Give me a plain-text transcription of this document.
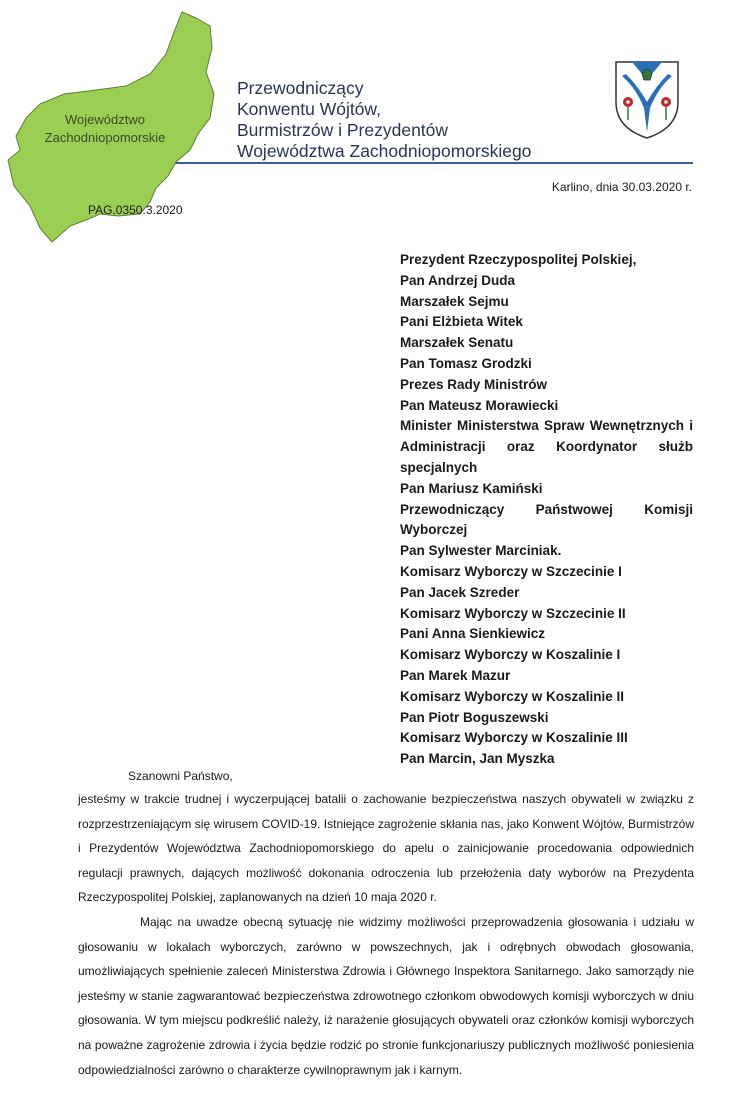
Województwo
Zachodniopomorskie
Przewodniczący
Konwentu Wójtów,
Burmistrzów i Prezydentów
Województwa Zachodniopomorskiego
Karlino, dnia 30.03.2020 r.
PAG.0350.3.2020
Prezydent Rzeczypospolitej Polskiej,
Pan Andrzej Duda
Marszałek Sejmu
Pani Elżbieta Witek
Marszałek Senatu
Pan Tomasz Grodzki
Prezes Rady Ministrów
Pan Mateusz Morawiecki
Minister Ministerstwa Spraw Wewnętrznych i Administracji oraz Koordynator służb specjalnych
Pan Mariusz Kamiński
Przewodniczący Państwowej Komisji Wyborczej
Pan Sylwester Marciniak.
Komisarz Wyborczy w Szczecinie I
Pan Jacek Szreder
Komisarz Wyborczy w Szczecinie II
Pani Anna Sienkiewicz
Komisarz Wyborczy w Koszalinie I
Pan Marek Mazur
Komisarz Wyborczy w Koszalinie II
Pan Piotr Boguszewski
Komisarz Wyborczy w Koszalinie III
Pan Marcin, Jan Myszka
Szanowni Państwo,
jesteśmy w trakcie trudnej i wyczerpującej batalii o zachowanie bezpieczeństwa naszych obywateli w związku z rozprzestrzeniającym się wirusem COVID-19. Istniejące zagrożenie skłania nas, jako Konwent Wójtów, Burmistrzów i Prezydentów Województwa Zachodniopomorskiego do apelu o zainicjowanie procedowania odpowiednich regulacji prawnych, dających możliwość dokonania odroczenia lub przełożenia daty wyborów na Prezydenta Rzeczypospolitej Polskiej, zaplanowanych na dzień 10 maja 2020 r.
Mając na uwadze obecną sytuację nie widzimy możliwości przeprowadzenia głosowania i udziału w głosowaniu w lokalach wyborczych, zarówno w powszechnych, jak i odrębnych obwodach głosowania, umożliwiających spełnienie zaleceń Ministerstwa Zdrowia i Głównego Inspektora Sanitarnego. Jako samorządy nie jesteśmy w stanie zagwarantować bezpieczeństwa zdrowotnego członkom obwodowych komisji wyborczych w dniu głosowania. W tym miejscu podkreślić należy, iż narażenie głosujących obywateli oraz członków komisji wyborczych na poważne zagrożenie zdrowia i życia będzie rodzić po stronie funkcjonariuszy publicznych możliwość poniesienia odpowiedzialności zarówno o charakterze cywilnoprawnym jak i karnym.
